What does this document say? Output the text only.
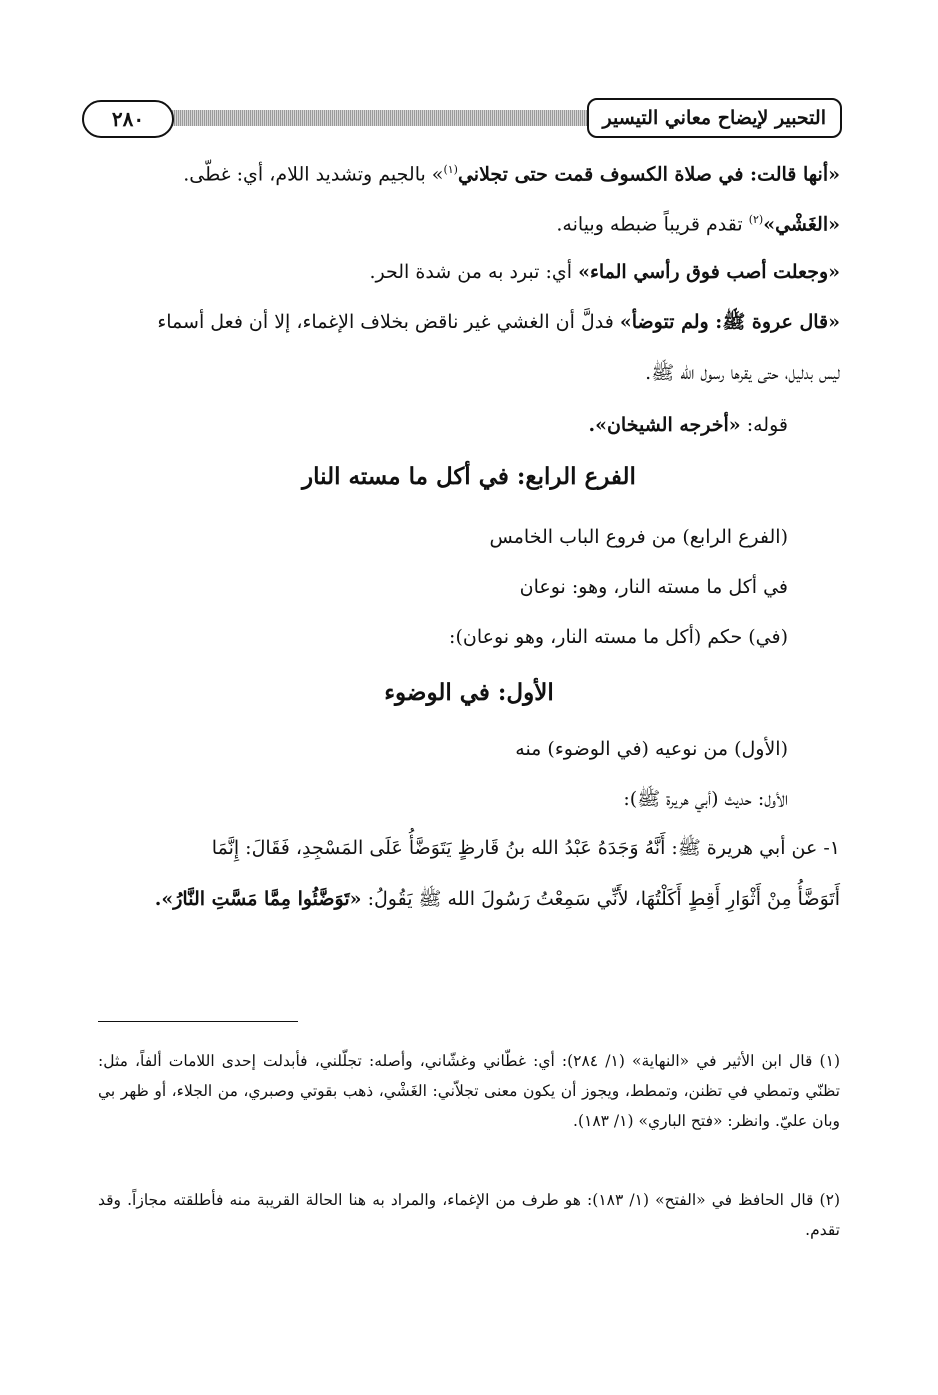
التحبير لإيضاح معاني التيسير
٢٨٠
«أنها قالت: في صلاة الكسوف قمت حتى تجلاني$^{(١)}$» بالجيم وتشديد اللام، أي: غطّى.
«الغَشْي»$^{(٢)}$ تقدم قريباً ضبطه وبيانه.
«وجعلت أصب فوق رأسي الماء» أي: تبرد به من شدة الحر.
«قال عروة ﷺ: ولم تتوضأ» فدلَّ أن الغشي غير ناقض بخلاف الإغماء، إلا أن فعل أسماء
ليس بدليل، حتى يقرها رسول الله ﷺ.
قوله: «أخرجه الشيخان».
الفرع الرابع: في أكل ما مسته النار
(الفرع الرابع) من فروع الباب الخامس
في أكل ما مسته النار، وهو: نوعان
(في) حكم (أكل ما مسته النار، وهو نوعان):
الأول: في الوضوء
(الأول) من نوعيه (في الوضوء) منه
الأول: حديث (أبي هريرة ﷺ):
١- عن أبي هريرة ﷺ: أَنَّهُ وَجَدَهُ عَبْدُ الله بنُ قَارظٍ يَتَوَضَّأُ عَلَى المَسْجِدِ، فَقَالَ: إِنَّمَا
أَتَوَضَّأُ مِنْ أَثْوَارِ أَقِطٍ أَكَلْتُهَا، لأَنِّي سَمِعْتُ رَسُولَ الله ﷺ يَقُولُ: «تَوَضَّئُوا مِمَّا مَسَّتِ النَّارُ».
(١) قال ابن الأثير في «النهاية» (١/ ٢٨٤): أي: غطّاني وغشّاني، وأصله: تجلّلني، فأبدلت إحدى اللامات ألفاً، مثل: تظنّي وتمطي في تظنن، وتمطط، ويجوز أن يكون معنى تجلاّني: الغَشْي، ذهب بقوتي وصبري، من الجلاء، أو ظهر بي وبان عليّ. وانظر: «فتح الباري» (١/ ١٨٣).
(٢) قال الحافظ في «الفتح» (١/ ١٨٣): هو طرف من الإغماء، والمراد به هنا الحالة القريبة منه فأطلقته مجازاً. وقد تقدم.
